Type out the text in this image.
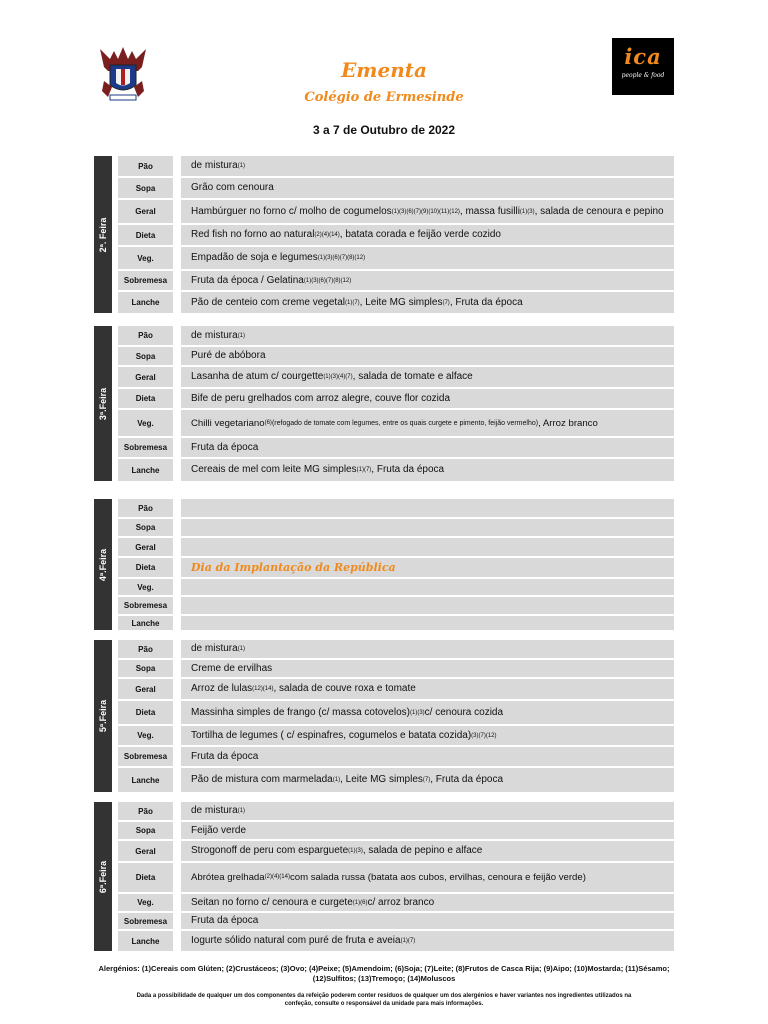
ica
people & food
Ementa
Colégio de Ermesinde
3 a 7 de Outubro de 2022
2ª. Feira
Pão	de mistura (1)
Sopa	Grão com cenoura
Geral	Hambúrguer no forno c/ molho de cogumelos (1)(3)(6)(7)(9)(10)(11)(12) , massa fusilli (1)(3) , salada de cenoura e pepino
Dieta	Red fish no forno ao natural (2)(4)(14) , batata corada e feijão verde cozido
Veg.	Empadão de soja e legumes (1)(3)(6)(7)(8)(12)
Sobremesa	Fruta da época / Gelatina (1)(3)(6)(7)(8)(12)
Lanche	Pão de centeio com creme vegetal (1)(7) , Leite MG simples (7) , Fruta da época
3ª.Feira
Pão	de mistura (1)
Sopa	Puré de abóbora
Geral	Lasanha de atum c/ courgette (1)(3)(4)(7) , salada de tomate e alface
Dieta	Bife de peru grelhados com arroz alegre, couve flor cozida
Veg.	Chilli vegetariano (6) (refogado de tomate com legumes, entre os quais curgete e pimento, feijão vermelho) , Arroz branco
Sobremesa	Fruta da época
Lanche	Cereais de mel com leite MG simples (1)(7) , Fruta da época
4ª.Feira
Pão
Sopa
Geral
Dieta	Dia da Implantação da República
Veg.
Sobremesa
Lanche
5ª.Feira
Pão	de mistura (1)
Sopa	Creme de ervilhas
Geral	Arroz de lulas (12)(14) , salada de couve roxa e tomate
Dieta	Massinha simples de frango (c/ massa cotovelos) (1)(3) c/ cenoura cozida
Veg.	Tortilha de legumes ( c/ espinafres, cogumelos e batata cozida) (3)(7)(12)
Sobremesa	Fruta da época
Lanche	Pão de mistura com marmelada (1) , Leite MG simples (7) , Fruta da época
6ª.Feira
Pão	de mistura (1)
Sopa	Feijão verde
Geral	Strogonoff de peru com esparguete (1)(3) , salada de pepino e alface
Dieta	Abrótea grelhada (2)(4)(14) com salada russa (batata aos cubos, ervilhas, cenoura e feijão verde)
Veg.	Seitan no forno c/ cenoura e curgete (1)(6) c/ arroz branco
Sobremesa	Fruta da época
Lanche	Iogurte sólido natural com puré de fruta e aveia (1)(7)
Alergénios: (1)Cereais com Glúten; (2)Crustáceos; (3)Ovo; (4)Peixe; (5)Amendoim; (6)Soja; (7)Leite; (8)Frutos de Casca Rija; (9)Aipo; (10)Mostarda; (11)Sésamo;
(12)Sulfitos; (13)Tremoço; (14)Moluscos
Dada a possibilidade de qualquer um dos componentes da refeição poderem conter resíduos de qualquer um dos alergénios e haver variantes nos ingredientes utilizados na
confeção, consulte o responsável da unidade para mais informações.
